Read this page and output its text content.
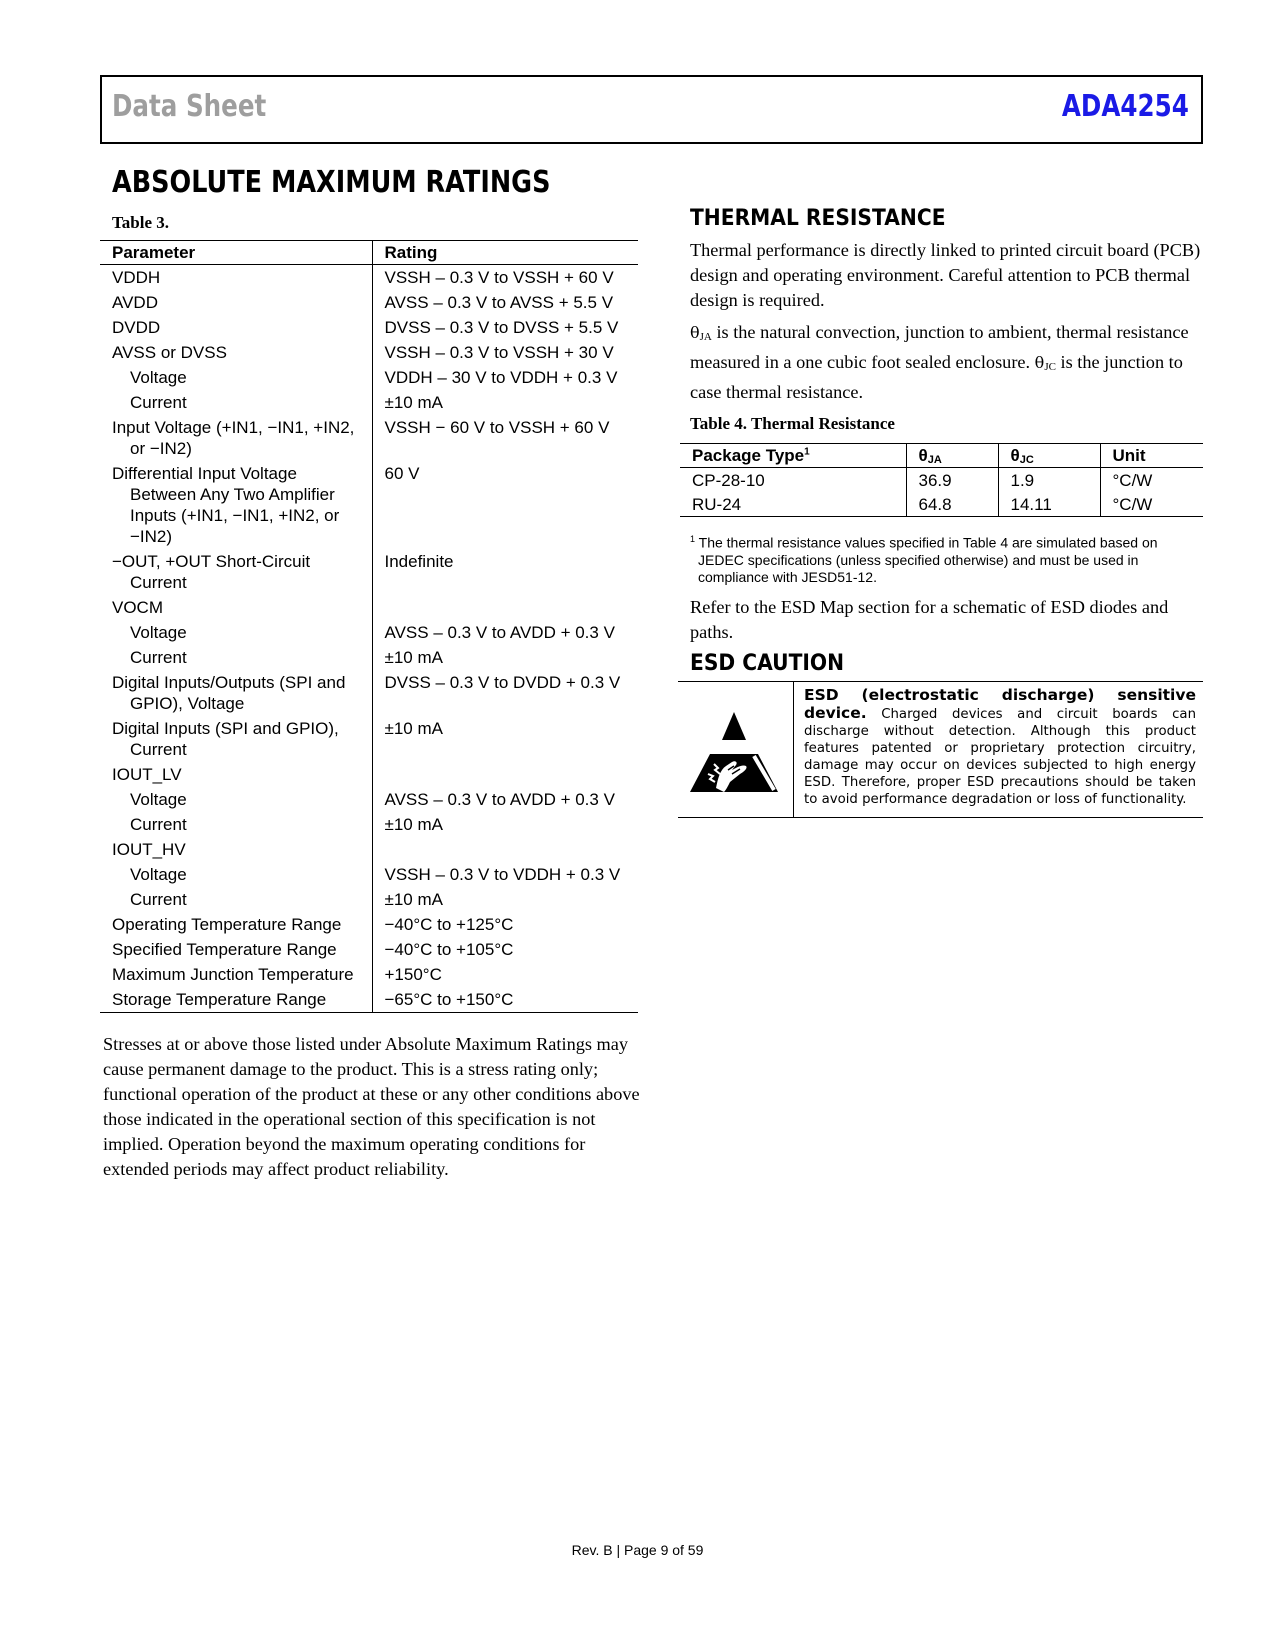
Data Sheet	ADA4254
ABSOLUTE MAXIMUM RATINGS
Table 3.
Parameter	Rating

VDDH	VSSH – 0.3 V to VSSH + 60 V

AVDD	AVSS – 0.3 V to AVSS + 5.5 V

DVDD	DVSS – 0.3 V to DVSS + 5.5 V

AVSS or DVSS	VSSH – 0.3 V to VSSH + 30 V

Voltage	VDDH – 30 V to VDDH + 0.3 V

Current	±10 mA

Input Voltage (+IN1, −IN1, +IN2, or −IN2)	VSSH − 60 V to VSSH + 60 V

Differential Input Voltage Between Any Two Amplifier Inputs (+IN1, −IN1, +IN2, or −IN2)	60 V

−OUT, +OUT Short-Circuit Current	Indefinite

VOCM	

Voltage	AVSS – 0.3 V to AVDD + 0.3 V

Current	±10 mA

Digital Inputs/Outputs (SPI and GPIO), Voltage	DVSS – 0.3 V to DVDD + 0.3 V

Digital Inputs (SPI and GPIO), Current	±10 mA

IOUT_LV	

Voltage	AVSS – 0.3 V to AVDD + 0.3 V

Current	±10 mA

IOUT_HV	

Voltage	VSSH – 0.3 V to VDDH + 0.3 V

Current	±10 mA

Operating Temperature Range	−40°C to +125°C

Specified Temperature Range	−40°C to +105°C

Maximum Junction Temperature	+150°C

Storage Temperature Range	−65°C to +150°C
Stresses at or above those listed under Absolute Maximum Ratings may cause permanent damage to the product. This is a stress rating only; functional operation of the product at these or any other conditions above those indicated in the operational section of this specification is not implied. Operation beyond the maximum operating conditions for extended periods may affect product reliability.
THERMAL RESISTANCE
Thermal performance is directly linked to printed circuit board (PCB) design and operating environment. Careful attention to PCB thermal design is required.
$\theta_{JA}$ is the natural convection, junction to ambient, thermal resistance measured in a one cubic foot sealed enclosure. $\theta_{JC}$ is the junction to case thermal resistance.
Table 4. Thermal Resistance
Package Type$^1$	$\theta_{JA}$	$\theta_{JC}$	Unit
CP-28-10	36.9	1.9	°C/W
RU-24	64.8	14.11	°C/W
$^1$ The thermal resistance values specified in Table 4 are simulated based on JEDEC specifications (unless specified otherwise) and must be used in compliance with JESD51-12.
Refer to the ESD Map section for a schematic of ESD diodes and paths.
ESD CAUTION
ESD (electrostatic discharge) sensitive device. Charged devices and circuit boards can discharge without detection. Although this product features patented or proprietary protection circuitry, damage may occur on devices subjected to high energy ESD. Therefore, proper ESD precautions should be taken to avoid performance degradation or loss of functionality.
Rev. B | Page 9 of 59
